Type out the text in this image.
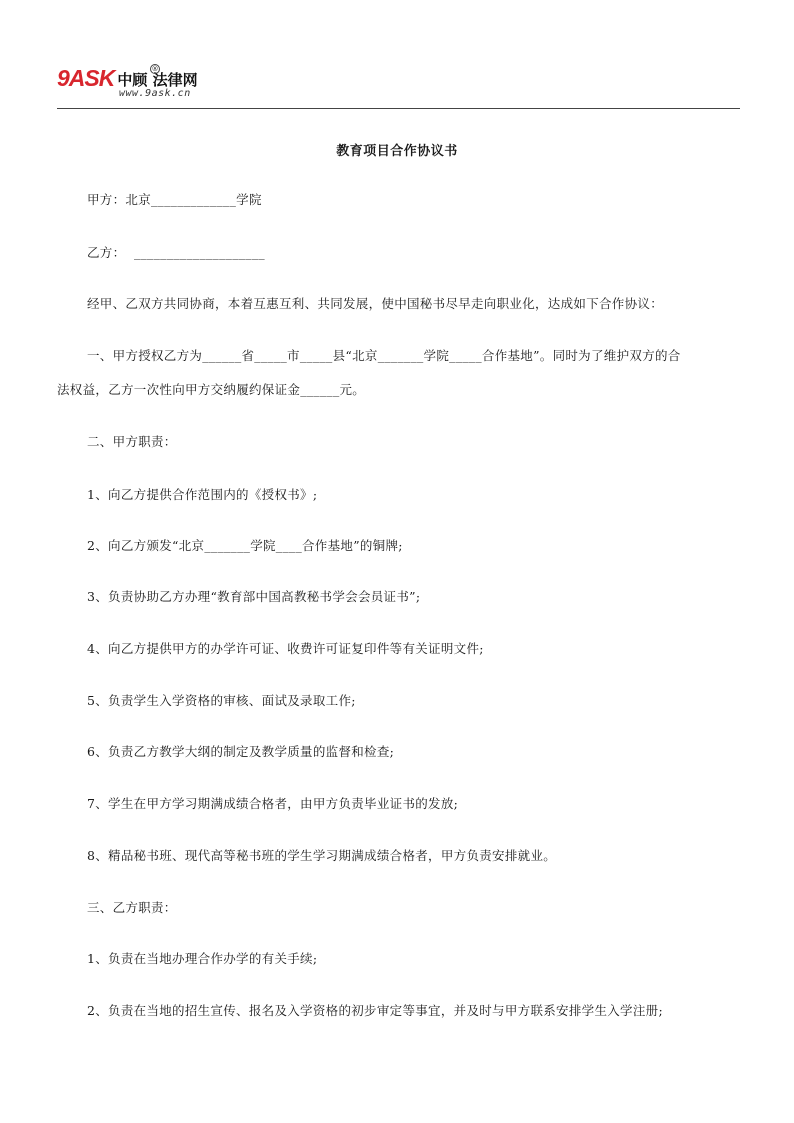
9ASK 中顾 法律网
®
www.9ask.cn
教育项目合作协议书
甲方：北京_____________学院
乙方：  ____________________
经甲、乙双方共同协商，本着互惠互利、共同发展，使中国秘书尽早走向职业化，达成如下合作协议：
一、甲方授权乙方为______省_____市_____县“北京_______学院_____合作基地”。同时为了维护双方的合
法权益，乙方一次性向甲方交纳履约保证金______元。
二、甲方职责：
1、向乙方提供合作范围内的《授权书》;
2、向乙方颁发“北京_______学院____合作基地”的铜牌;
3、负责协助乙方办理“教育部中国高教秘书学会会员证书”;
4、向乙方提供甲方的办学许可证、收费许可证复印件等有关证明文件;
5、负责学生入学资格的审核、面试及录取工作;
6、负责乙方教学大纲的制定及教学质量的监督和检查;
7、学生在甲方学习期满成绩合格者，由甲方负责毕业证书的发放;
8、精品秘书班、现代高等秘书班的学生学习期满成绩合格者，甲方负责安排就业。
三、乙方职责：
1、负责在当地办理合作办学的有关手续;
2、负责在当地的招生宣传、报名及入学资格的初步审定等事宜，并及时与甲方联系安排学生入学注册;
